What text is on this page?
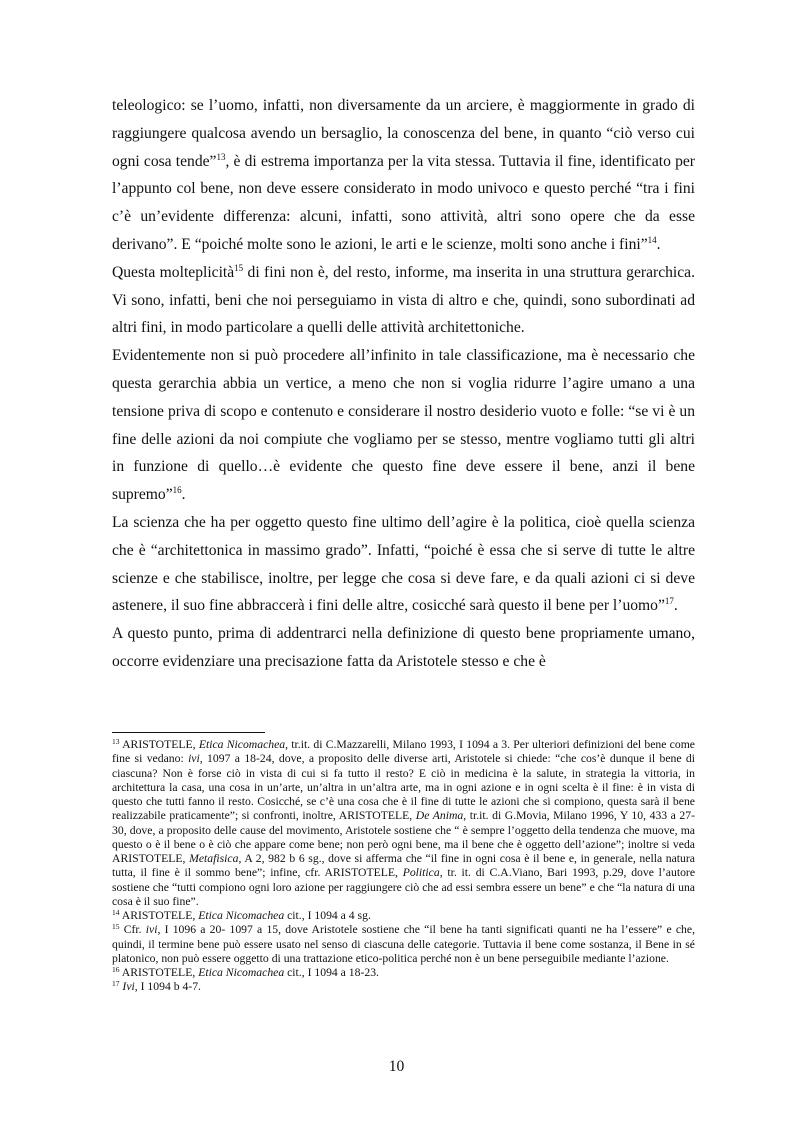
teleologico: se l’uomo, infatti, non diversamente da un arciere, è maggiormente in grado di raggiungere qualcosa avendo un bersaglio, la conoscenza del bene, in quanto “ciò verso cui ogni cosa tende”$^{13}$, è di estrema importanza per la vita stessa. Tuttavia il fine, identificato per l’appunto col bene, non deve essere considerato in modo univoco e questo perché “tra i fini c’è un’evidente differenza: alcuni, infatti, sono attività, altri sono opere che da esse derivano”. E “poiché molte sono le azioni, le arti e le scienze, molti sono anche i fini”$^{14}$.

Questa molteplicità$^{15}$ di fini non è, del resto, informe, ma inserita in una struttura gerarchica. Vi sono, infatti, beni che noi perseguiamo in vista di altro e che, quindi, sono subordinati ad altri fini, in modo particolare a quelli delle attività architettoniche.

Evidentemente non si può procedere all’infinito in tale classificazione, ma è necessario che questa gerarchia abbia un vertice, a meno che non si voglia ridurre l’agire umano a una tensione priva di scopo e contenuto e considerare il nostro desiderio vuoto e folle: “se vi è un fine delle azioni da noi compiute che vogliamo per se stesso, mentre vogliamo tutti gli altri in funzione di quello…è evidente che questo fine deve essere il bene, anzi il bene supremo”$^{16}$.

La scienza che ha per oggetto questo fine ultimo dell’agire è la politica, cioè quella scienza che è “architettonica in massimo grado”. Infatti, “poiché è essa che si serve di tutte le altre scienze e che stabilisce, inoltre, per legge che cosa si deve fare, e da quali azioni ci si deve astenere, il suo fine abbraccerà i fini delle altre, cosicché sarà questo il bene per l’uomo”$^{17}$.

A questo punto, prima di addentrarci nella definizione di questo bene propriamente umano, occorre evidenziare una precisazione fatta da Aristotele stesso e che è

$^{13}$ ARISTOTELE, Etica Nicomachea, tr.it. di C.Mazzarelli, Milano 1993, I 1094 a 3. Per ulteriori definizioni del bene come fine si vedano: ivi, 1097 a 18-24, dove, a proposito delle diverse arti, Aristotele si chiede: “che cos’è dunque il bene di ciascuna? Non è forse ciò in vista di cui si fa tutto il resto? E ciò in medicina è la salute, in strategia la vittoria, in architettura la casa, una cosa in un’arte, un’altra in un’altra arte, ma in ogni azione e in ogni scelta è il fine: è in vista di questo che tutti fanno il resto. Cosicché, se c’è una cosa che è il fine di tutte le azioni che si compiono, questa sarà il bene realizzabile praticamente”; si confronti, inoltre, ARISTOTELE, De Anima, tr.it. di G.Movia, Milano 1996, Y 10, 433 a 27-30, dove, a proposito delle cause del movimento, Aristotele sostiene che “ è sempre l’oggetto della tendenza che muove, ma questo o è il bene o è ciò che appare come bene; non però ogni bene, ma il bene che è oggetto dell’azione”; inoltre si veda ARISTOTELE, Metafisica, A 2, 982 b 6 sg., dove si afferma che “il fine in ogni cosa è il bene e, in generale, nella natura tutta, il fine è il sommo bene”; infine, cfr. ARISTOTELE, Politica, tr. it. di C.A.Viano, Bari 1993, p.29, dove l’autore sostiene che “tutti compiono ogni loro azione per raggiungere ciò che ad essi sembra essere un bene” e che “la natura di una cosa è il suo fine”.

$^{14}$ ARISTOTELE, Etica Nicomachea cit., I 1094 a 4 sg.

$^{15}$ Cfr. ivi, I 1096 a 20- 1097 a 15, dove Aristotele sostiene che “il bene ha tanti significati quanti ne ha l’essere” e che, quindi, il termine bene può essere usato nel senso di ciascuna delle categorie. Tuttavia il bene come sostanza, il Bene in sé platonico, non può essere oggetto di una trattazione etico-politica perché non è un bene perseguibile mediante l’azione.

$^{16}$ ARISTOTELE, Etica Nicomachea cit., I 1094 a 18-23.

$^{17}$ Ivi, I 1094 b 4-7.

10
